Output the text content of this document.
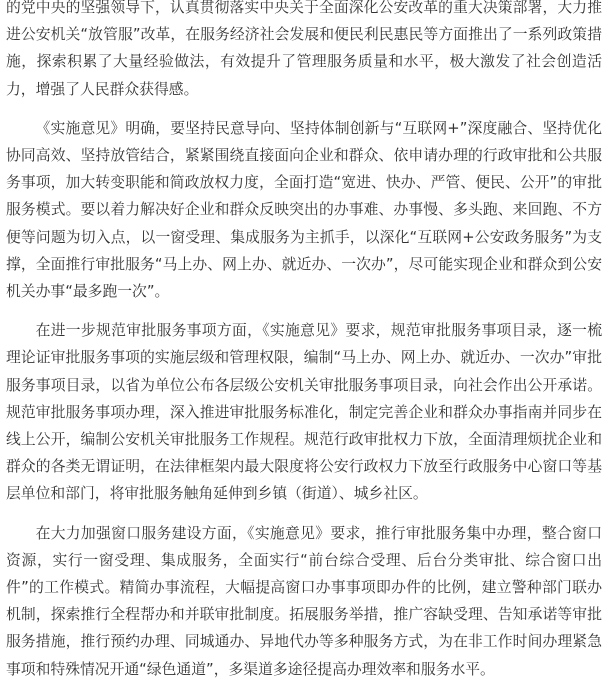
的党中央的坚强领导下，认真贯彻落实中央关于全面深化公安改革的重大决策部署，大力推进公安机关“放管服”改革，在服务经济社会发展和便民利民惠民等方面推出了一系列政策措施，探索积累了大量经验做法，有效提升了管理服务质量和水平，极大激发了社会创造活力，增强了人民群众获得感。

《实施意见》明确，要坚持民意导向、坚持体制创新与“互联网+”深度融合、坚持优化协同高效、坚持放管结合，紧紧围绕直接面向企业和群众、依申请办理的行政审批和公共服务事项，加大转变职能和简政放权力度，全面打造“宽进、快办、严管、便民、公开”的审批服务模式。要以着力解决好企业和群众反映突出的办事难、办事慢、多头跑、来回跑、不方便等问题为切入点，以一窗受理、集成服务为主抓手，以深化“互联网+公安政务服务”为支撑，全面推行审批服务“马上办、网上办、就近办、一次办”，尽可能实现企业和群众到公安机关办事“最多跑一次”。

在进一步规范审批服务事项方面，《实施意见》要求，规范审批服务事项目录，逐一梳理论证审批服务事项的实施层级和管理权限，编制“马上办、网上办、就近办、一次办”审批服务事项目录，以省为单位公布各层级公安机关审批服务事项目录，向社会作出公开承诺。规范审批服务事项办理，深入推进审批服务标准化，制定完善企业和群众办事指南并同步在线上公开，编制公安机关审批服务工作规程。规范行政审批权力下放，全面清理烦扰企业和群众的各类无谓证明，在法律框架内最大限度将公安行政权力下放至行政服务中心窗口等基层单位和部门，将审批服务触角延伸到乡镇（街道）、城乡社区。

在大力加强窗口服务建设方面，《实施意见》要求，推行审批服务集中办理，整合窗口资源，实行一窗受理、集成服务，全面实行“前台综合受理、后台分类审批、综合窗口出件”的工作模式。精简办事流程，大幅提高窗口办事事项即办件的比例，建立警种部门联办机制，探索推行全程帮办和并联审批制度。拓展服务举措，推广容缺受理、告知承诺等审批服务措施，推行预约办理、同城通办、异地代办等多种服务方式，为在非工作时间办理紧急事项和特殊情况开通“绿色通道”，多渠道多途径提高办理效率和服务水平。
